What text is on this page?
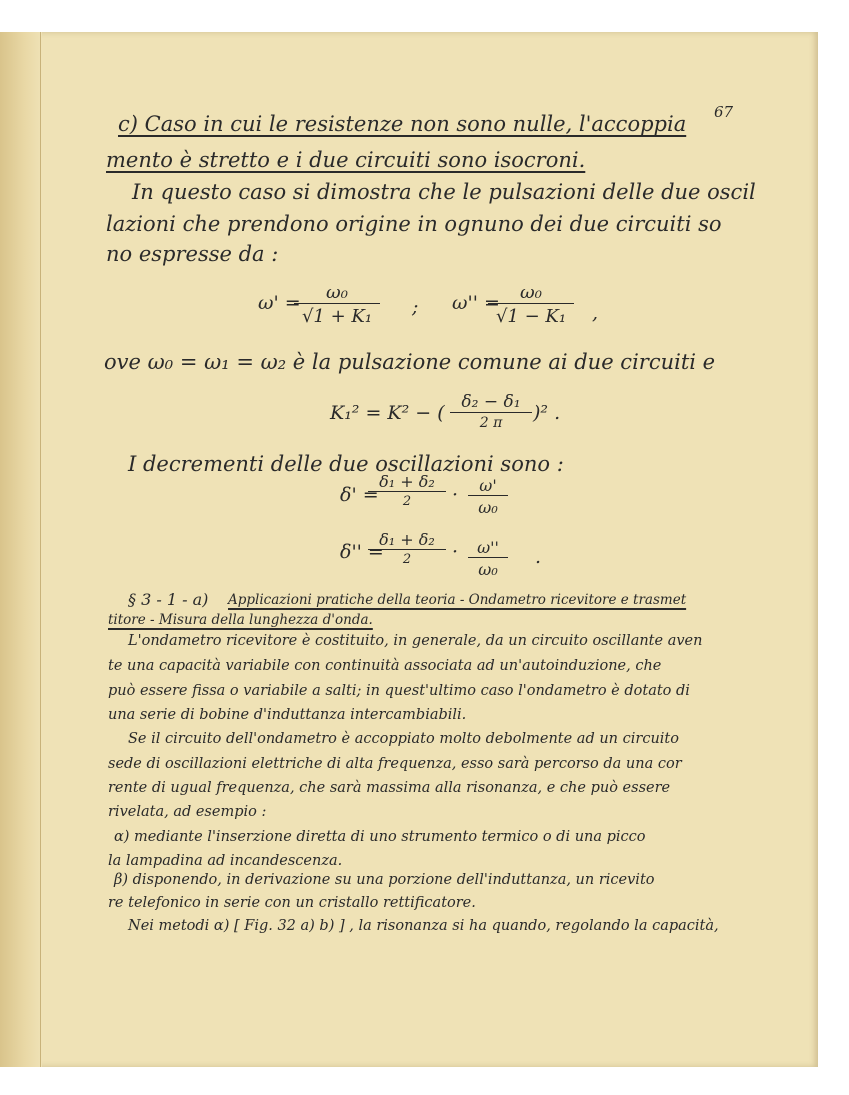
67
c) Caso in cui le resistenze non sono nulle, l'accoppia
mento è stretto e i due circuiti sono isocroni.
In questo caso si dimostra che le pulsazioni delle due oscil
lazioni che prendono origine in ognuno dei due circuiti so
no espresse da :
ω' =
$\frac{\text{ω₀}}{\text{√1 + K₁}}$ ; ω'' =
$\frac{\text{ω₀}}{\text{√1 − K₁}}$ ,
ove ω₀ = ω₁ = ω₂ è la pulsazione comune ai due circuiti e
K₁² = K² − ( δ₂ − δ₁
2 π	)² .
I decrementi delle due oscillazioni sono :
δ' =
δ₁ + δ₂
2	· $\frac{\omega'}{\text{ω₀}}$
δ'' =
δ₁ + δ₂
2	· $\frac{\omega''}{\text{ω₀}}$ .
§ 3 - 1 - a) Applicazioni pratiche della teoria - Ondametro ricevitore e trasmet
titore - Misura della lunghezza d'onda.
L'ondametro ricevitore è costituito, in generale, da un circuito oscillante aven
te una capacità variabile con continuità associata ad un'autoinduzione, che
può essere fissa o variabile a salti; in quest'ultimo caso l'ondametro è dotato di
una serie di bobine d'induttanza intercambiabili.
Se il circuito dell'ondametro è accoppiato molto debolmente ad un circuito
sede di oscillazioni elettriche di alta frequenza, esso sarà percorso da una cor
rente di ugual frequenza, che sarà massima alla risonanza, e che può essere
rivelata, ad esempio :
α) mediante l'inserzione diretta di uno strumento termico o di una picco
la lampadina ad incandescenza.
β) disponendo, in derivazione su una porzione dell'induttanza, un ricevito
re telefonico in serie con un cristallo rettificatore.
Nei metodi α) [ Fig. 32 a) b) ] , la risonanza si ha quando, regolando la capacità,
